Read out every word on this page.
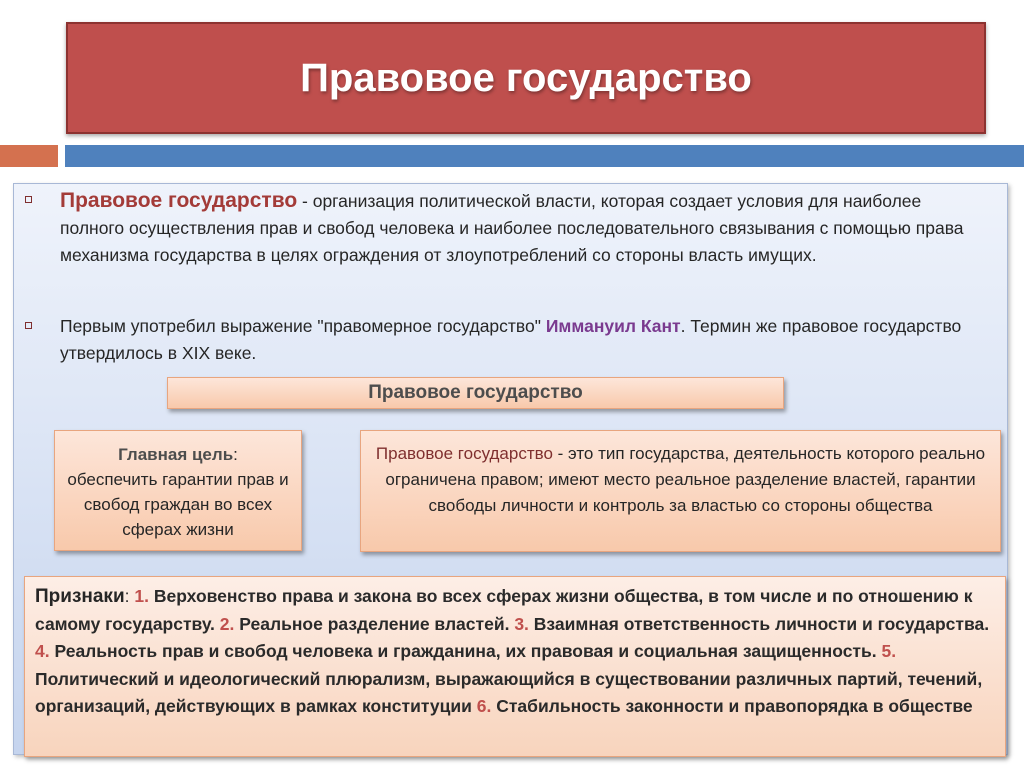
Правовое государство
Правовое государство - организация политической власти, которая создает условия для наиболее полного осуществления прав и свобод человека и наиболее последовательного связывания с помощью права механизма государства в целях ограждения от злоупотреблений со стороны власть имущих.
Первым употребил выражение "правомерное государство" Иммануил Кант. Термин же правовое государство утвердилось в XIX веке.
Правовое государство
Главная цель:
обеспечить гарантии прав и свобод граждан во всех сферах жизни
Правовое государство - это тип государства, деятельность которого реально ограничена правом; имеют место реальное разделение властей, гарантии свободы личности и контроль за властью со стороны общества
Признаки: 1. Верховенство права и закона во всех сферах жизни общества, в том числе и по отношению к самому государству. 2. Реальное разделение властей. 3. Взаимная ответственность личности и государства. 4. Реальность прав и свобод человека и гражданина, их правовая и социальная защищенность. 5. Политический и идеологический плюрализм, выражающийся в существовании различных партий, течений, организаций, действующих в рамках конституции 6. Стабильность законности и правопорядка в обществе
